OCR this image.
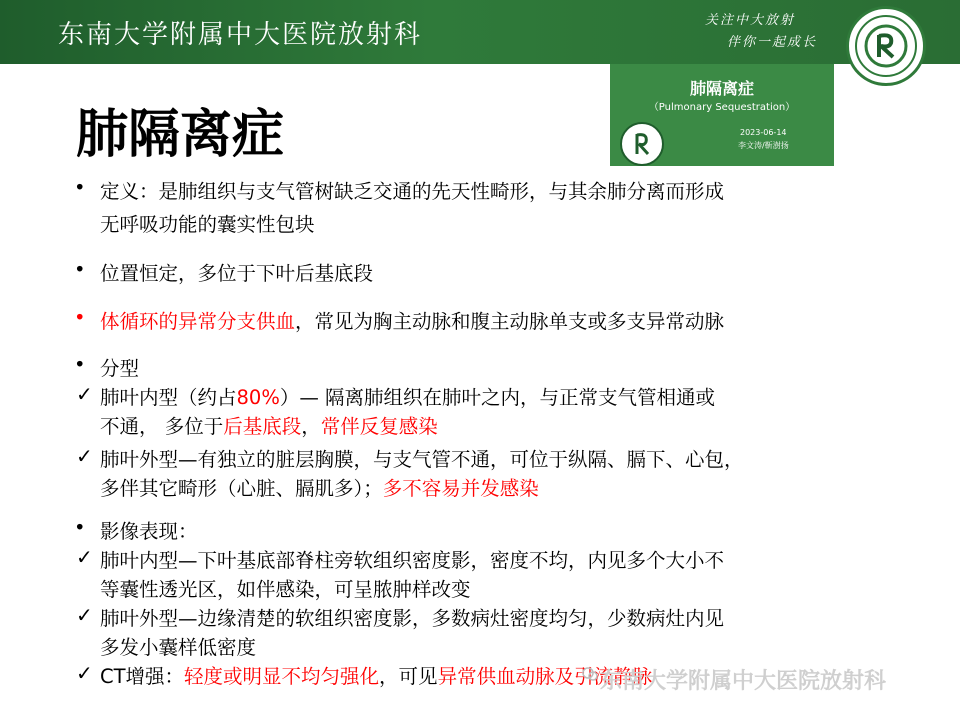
东南大学附属中大医院放射科	关注中大放射
伴你一起成长
肺隔离症
（Pulmonary Sequestration）
2023-06-14
李文涛/靳澍扬
肺隔离症
• 定义：是肺组织与支气管树缺乏交通的先天性畸形，与其余肺分离而形成
无呼吸功能的囊实性包块
• 位置恒定，多位于下叶后基底段
• 体循环的异常分支供血，常见为胸主动脉和腹主动脉单支或多支异常动脉
• 分型
✓ 肺叶内型（约占80%）— 隔离肺组织在肺叶之内，与正常支气管相通或
不通， 多位于后基底段，常伴反复感染
✓ 肺叶外型—有独立的脏层胸膜，与支气管不通，可位于纵隔、膈下、心包，
多伴其它畸形（心脏、膈肌多）；多不容易并发感染
• 影像表现：
✓ 肺叶内型—下叶基底部脊柱旁软组织密度影，密度不均，内见多个大小不
等囊性透光区，如伴感染，可呈脓肿样改变
✓ 肺叶外型—边缘清楚的软组织密度影，多数病灶密度均匀，少数病灶内见
多发小囊样低密度
✓ CT增强：轻度或明显不均匀强化，可见异常供血动脉及引流静脉
东南大学附属中大医院放射科
